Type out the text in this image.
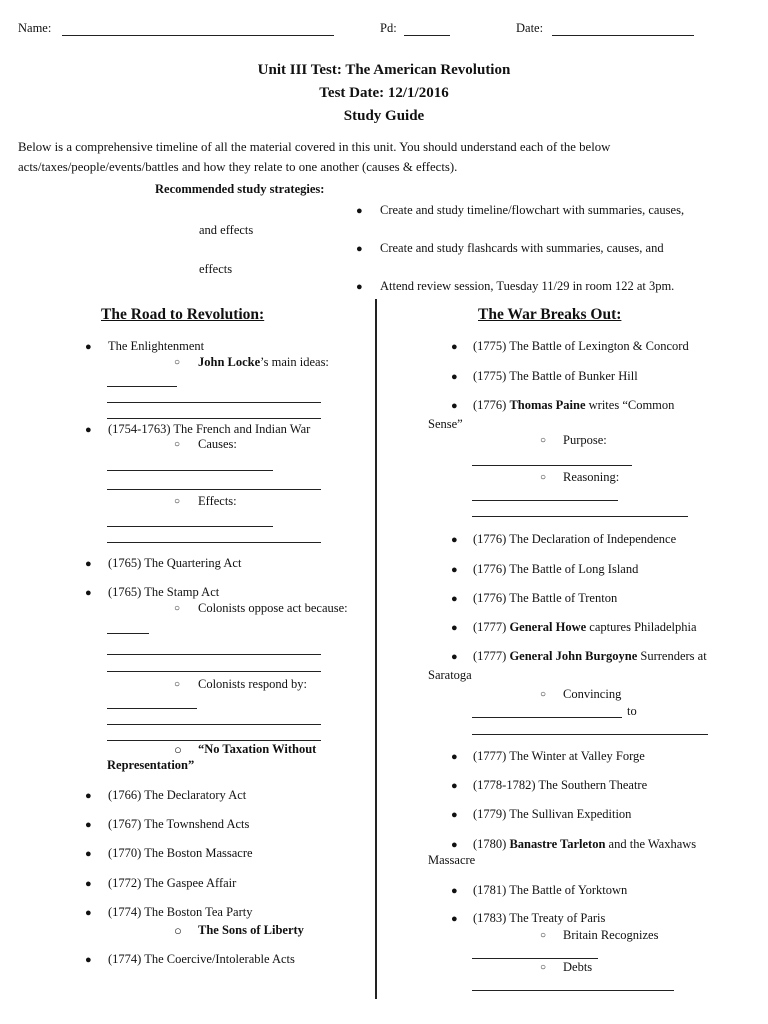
Name:	Pd:	Date:
Unit III Test: The American Revolution
Test Date: 12/1/2016
Study Guide
Below is a comprehensive timeline of all the material covered in this unit. You should understand each of the below
acts/taxes/people/events/battles and how they relate to one another (causes & effects).
Recommended study strategies:
● Create and study timeline/flowchart with summaries, causes,
and effects
● Create and study flashcards with summaries, causes, and
effects
● Attend review session, Tuesday 11/29 in room 122 at 3pm.
The Road to Revolution:
● The Enlightenment
○ John Locke’s main ideas:
● (1754-1763) The French and Indian War
○ Causes:
○ Effects:
● (1765) The Quartering Act
● (1765) The Stamp Act
○ Colonists oppose act because:
○ Colonists respond by:
○ “No Taxation Without
Representation”
● (1766) The Declaratory Act
● (1767) The Townshend Acts
● (1770) The Boston Massacre
● (1772) The Gaspee Affair
● (1774) The Boston Tea Party
○ The Sons of Liberty
● (1774) The Coercive/Intolerable Acts
The War Breaks Out:
● (1775) The Battle of Lexington & Concord
● (1775) The Battle of Bunker Hill
● (1776) Thomas Paine writes “Common
Sense”
○ Purpose:
○ Reasoning:
● (1776) The Declaration of Independence
● (1776) The Battle of Long Island
● (1776) The Battle of Trenton
● (1777) General Howe captures Philadelphia
● (1777) General John Burgoyne Surrenders at
Saratoga
○ Convincing
to
● (1777) The Winter at Valley Forge
● (1778-1782) The Southern Theatre
● (1779) The Sullivan Expedition
● (1780) Banastre Tarleton and the Waxhaws
Massacre
● (1781) The Battle of Yorktown
● (1783) The Treaty of Paris
○ Britain Recognizes
○ Debts
